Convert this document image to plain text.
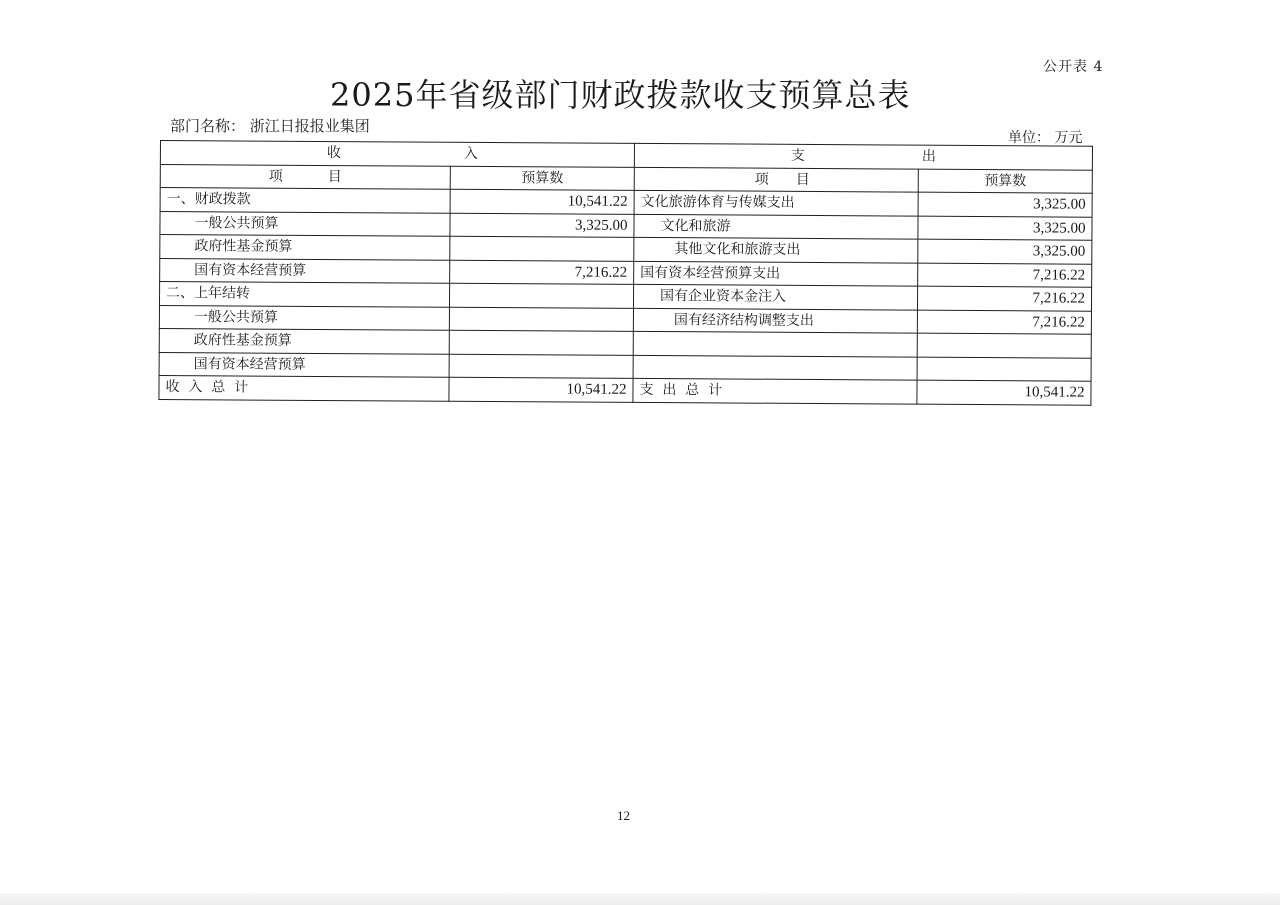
公开表 4
2025年省级部门财政拨款收支预算总表
部门名称： 浙江日报报业集团
单位： 万元
收 入		支 出	

项 目	预算数	项 目	预算数
一、财政拨款	10,541.22	文化旅游体育与传媒支出	3,325.00
一般公共预算	3,325.00	文化和旅游	3,325.00
政府性基金预算		其他文化和旅游支出	3,325.00
国有资本经营预算	7,216.22	国有资本经营预算支出	7,216.22
二、上年结转		国有企业资本金注入	7,216.22
一般公共预算		国有经济结构调整支出	7,216.22
政府性基金预算			
国有资本经营预算			
收  入  总  计	10,541.22	支  出  总  计	10,541.22
12
